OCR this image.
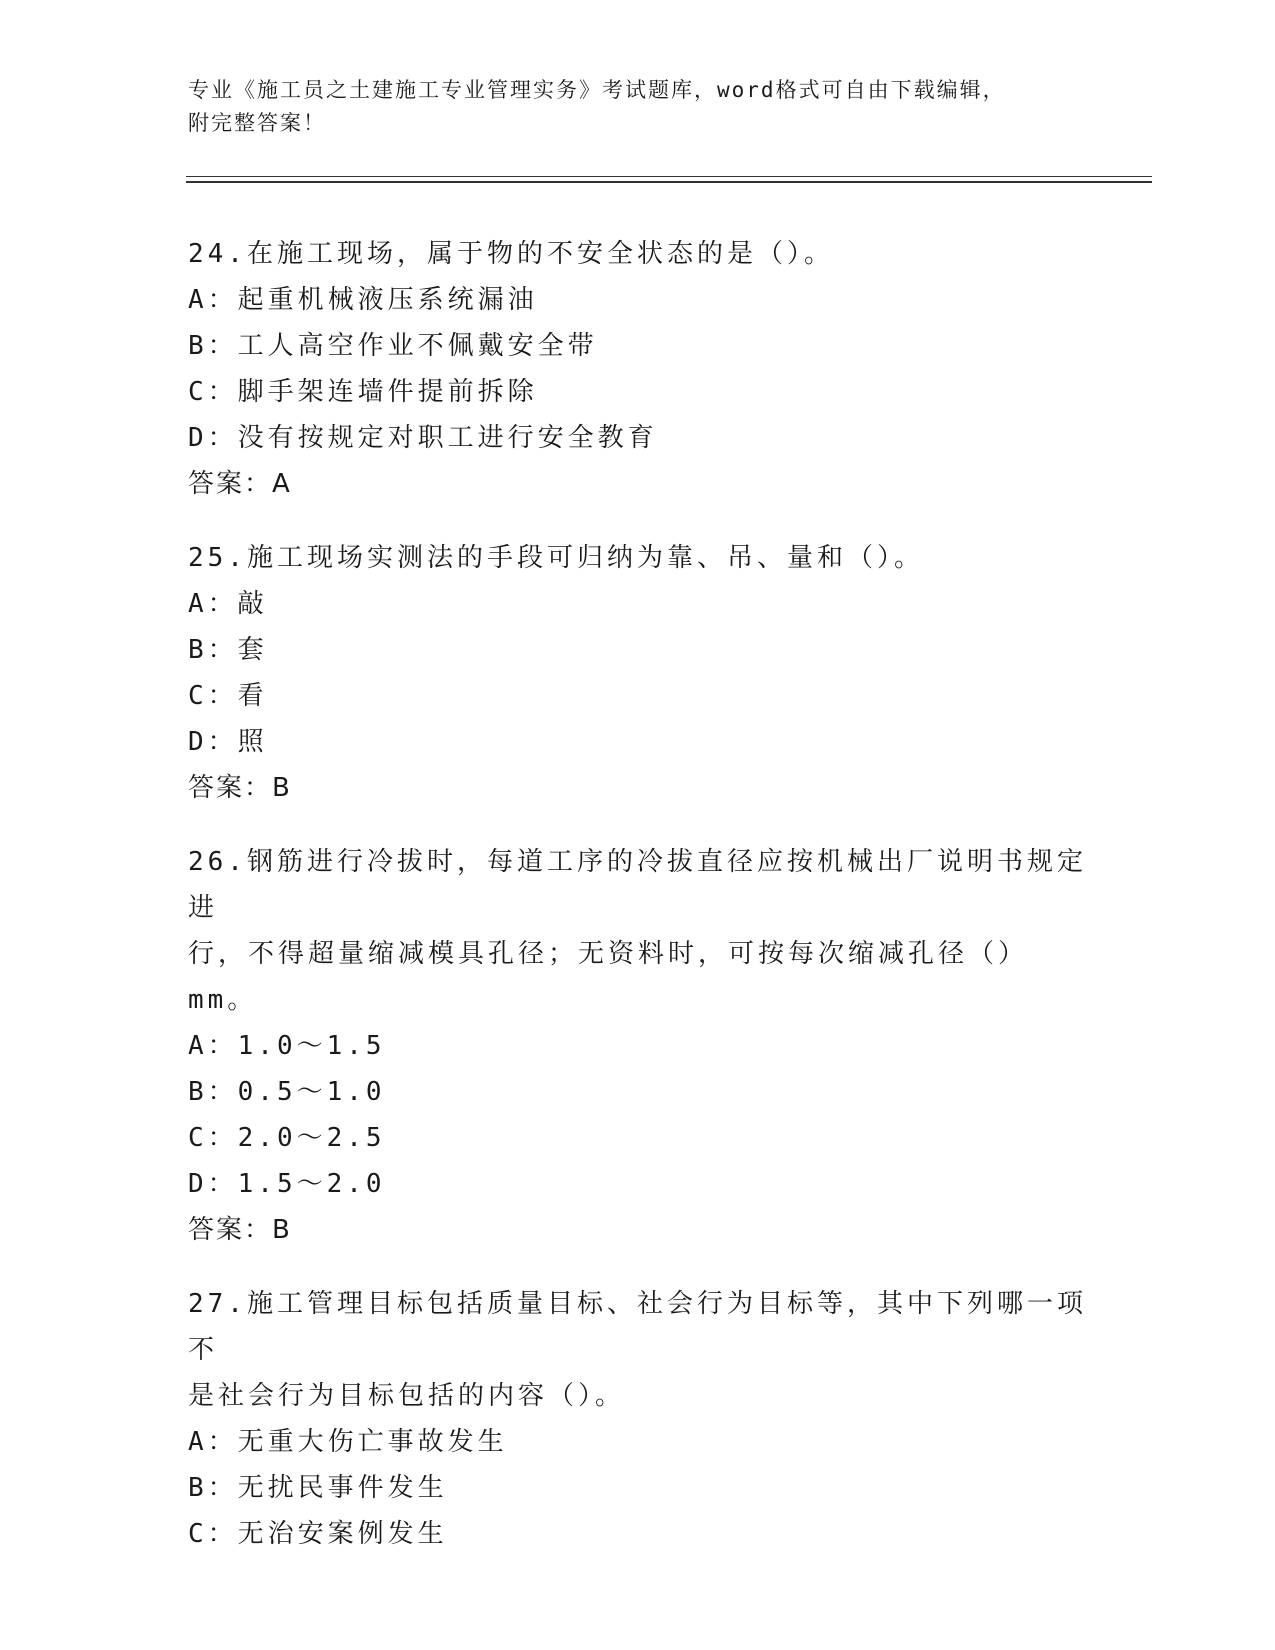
专业《施工员之土建施工专业管理实务》考试题库，word格式可自由下载编辑，
附完整答案！
24.在施工现场，属于物的不安全状态的是（）。
A：起重机械液压系统漏油
B：工人高空作业不佩戴安全带
C：脚手架连墙件提前拆除
D：没有按规定对职工进行安全教育
答案：A
25.施工现场实测法的手段可归纳为靠、吊、量和（）。
A：敲
B：套
C：看
D：照
答案：B
26.钢筋进行冷拔时，每道工序的冷拔直径应按机械出厂说明书规定进
行，不得超量缩减模具孔径；无资料时，可按每次缩减孔径（）mm。
A：1.0～1.5
B：0.5～1.0
C：2.0～2.5
D：1.5～2.0
答案：B
27.施工管理目标包括质量目标、社会行为目标等，其中下列哪一项不
是社会行为目标包括的内容（）。
A：无重大伤亡事故发生
B：无扰民事件发生
C：无治安案例发生
